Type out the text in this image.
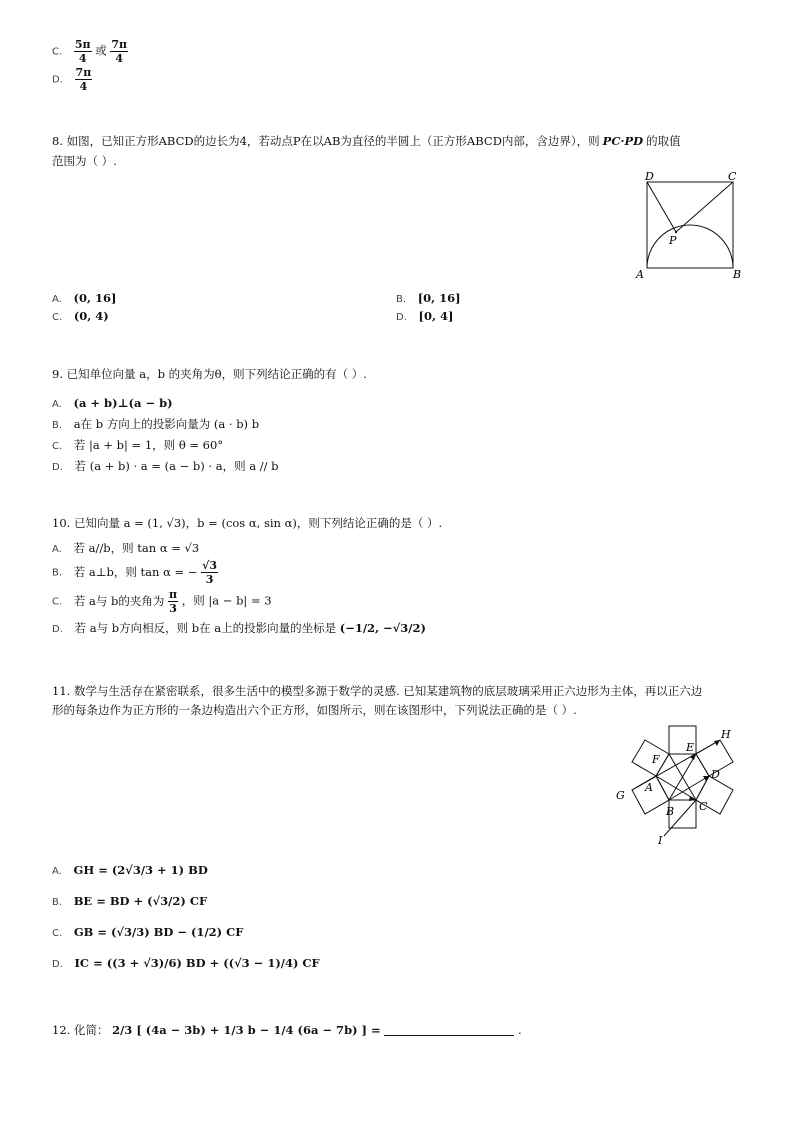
C. $\frac{5\pi}{4}$ 或 $\frac{7\pi}{4}$
D. $\frac{7\pi}{4}$
8. 如图，已知正方形ABCD的边长为4，若动点P在以AB为直径的半圆上（正方形ABCD内部，含边界），则 PC·PD 的取值
范围为（ ）.
D	C
P
A	B
A. (0, 16]	B. [0, 16]
C. (0, 4)	D. [0, 4]
9. 已知单位向量 a，b 的夹角为θ，则下列结论正确的有（ ）.
A. (a + b)⊥(a − b)
B. a在 b 方向上的投影向量为 (a · b) b
C. 若 |a + b| = 1，则 θ = 60°
D. 若 (a + b) · a = (a − b) · a，则 a // b
10. 已知向量 a = (1, √3)，b = (cos α, sin α)，则下列结论正确的是（ ）.
A. 若 a//b，则 tan α = √3
B. 若 a⊥b，则 tan α = − $\frac{√3}{3}$
C. 若 a与 b的夹角为 $\frac{\pi}{3}$ ，则 |a − b| = 3
D. 若 a与 b方向相反，则 b在 a上的投影向量的坐标是 (−1/2, −√3/2)
11. 数学与生活存在紧密联系，很多生活中的模型多源于数学的灵感. 已知某建筑物的底层玻璃采用正六边形为主体，再以正六边
形的每条边作为正方形的一条边构造出六个正方形，如图所示，则在该图形中，下列说法正确的是（ ）.
H
E
F
D
A
G
C
B
I
A. GH = (2√3/3 + 1) BD
B. BE = BD + (√3/2) CF
C. GB = (√3/3) BD − (1/2) CF
D. IC = ((3 + √3)/6) BD + ((√3 − 1)/4) CF
12. 化简： 2/3 [ (4a − 3b) + 1/3 b − 1/4 (6a − 7b) ] =	.
